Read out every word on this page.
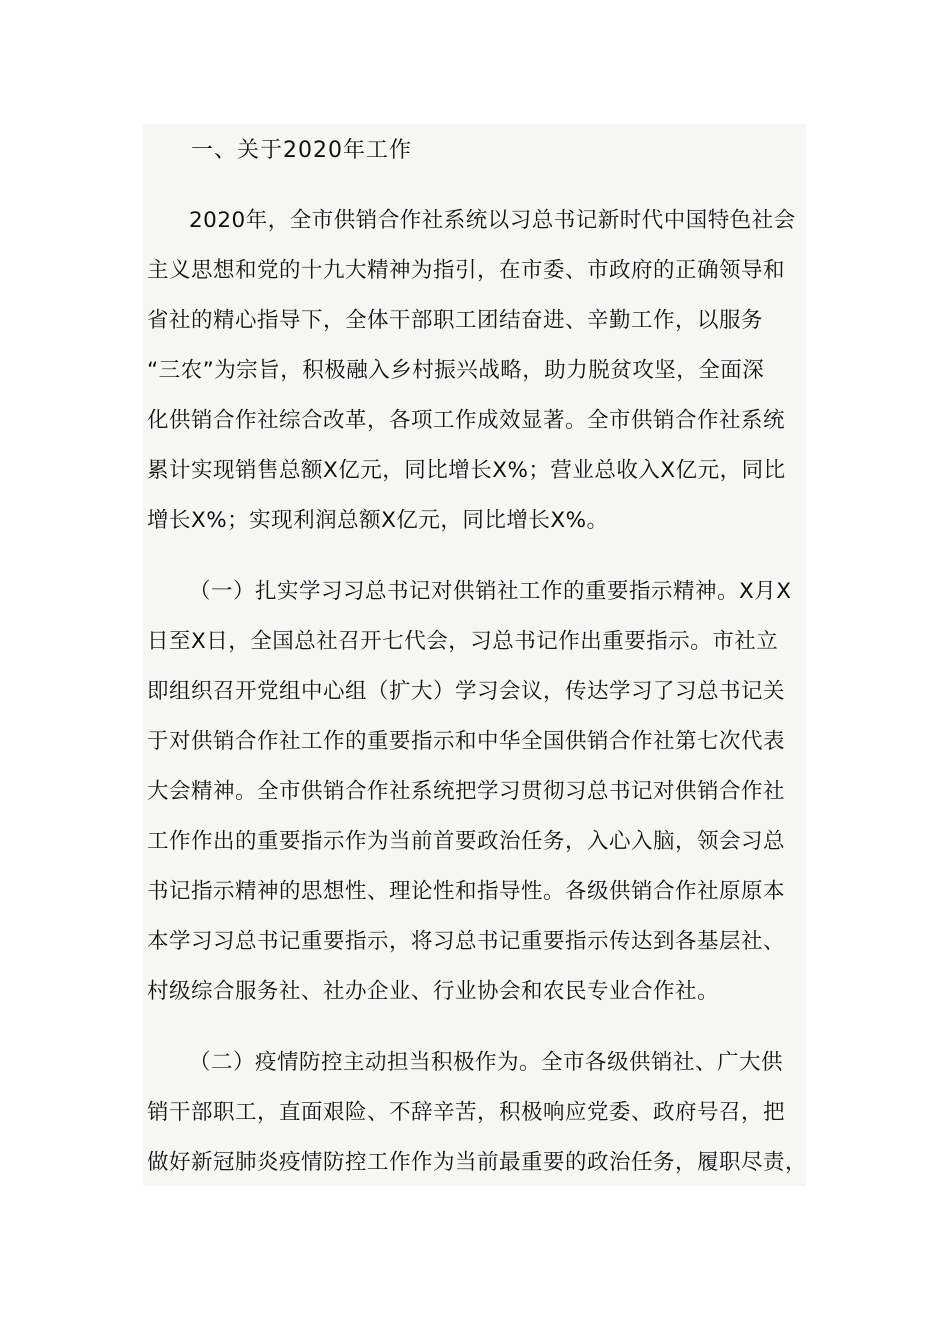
一、关于2020年工作
2020年，全市供销合作社系统以习总书记新时代中国特色社会
主义思想和党的十九大精神为指引，在市委、市政府的正确领导和
省社的精心指导下，全体干部职工团结奋进、辛勤工作，以服务
“三农”为宗旨，积极融入乡村振兴战略，助力脱贫攻坚，全面深
化供销合作社综合改革，各项工作成效显著。全市供销合作社系统
累计实现销售总额X亿元，同比增长X%；营业总收入X亿元，同比
增长X%；实现利润总额X亿元，同比增长X%。
（一）扎实学习习总书记对供销社工作的重要指示精神。X月X
日至X日，全国总社召开七代会，习总书记作出重要指示。市社立
即组织召开党组中心组（扩大）学习会议，传达学习了习总书记关
于对供销合作社工作的重要指示和中华全国供销合作社第七次代表
大会精神。全市供销合作社系统把学习贯彻习总书记对供销合作社
工作作出的重要指示作为当前首要政治任务，入心入脑，领会习总
书记指示精神的思想性、理论性和指导性。各级供销合作社原原本
本学习习总书记重要指示，将习总书记重要指示传达到各基层社、
村级综合服务社、社办企业、行业协会和农民专业合作社。
（二）疫情防控主动担当积极作为。全市各级供销社、广大供
销干部职工，直面艰险、不辞辛苦，积极响应党委、政府号召，把
做好新冠肺炎疫情防控工作作为当前最重要的政治任务，履职尽责，
